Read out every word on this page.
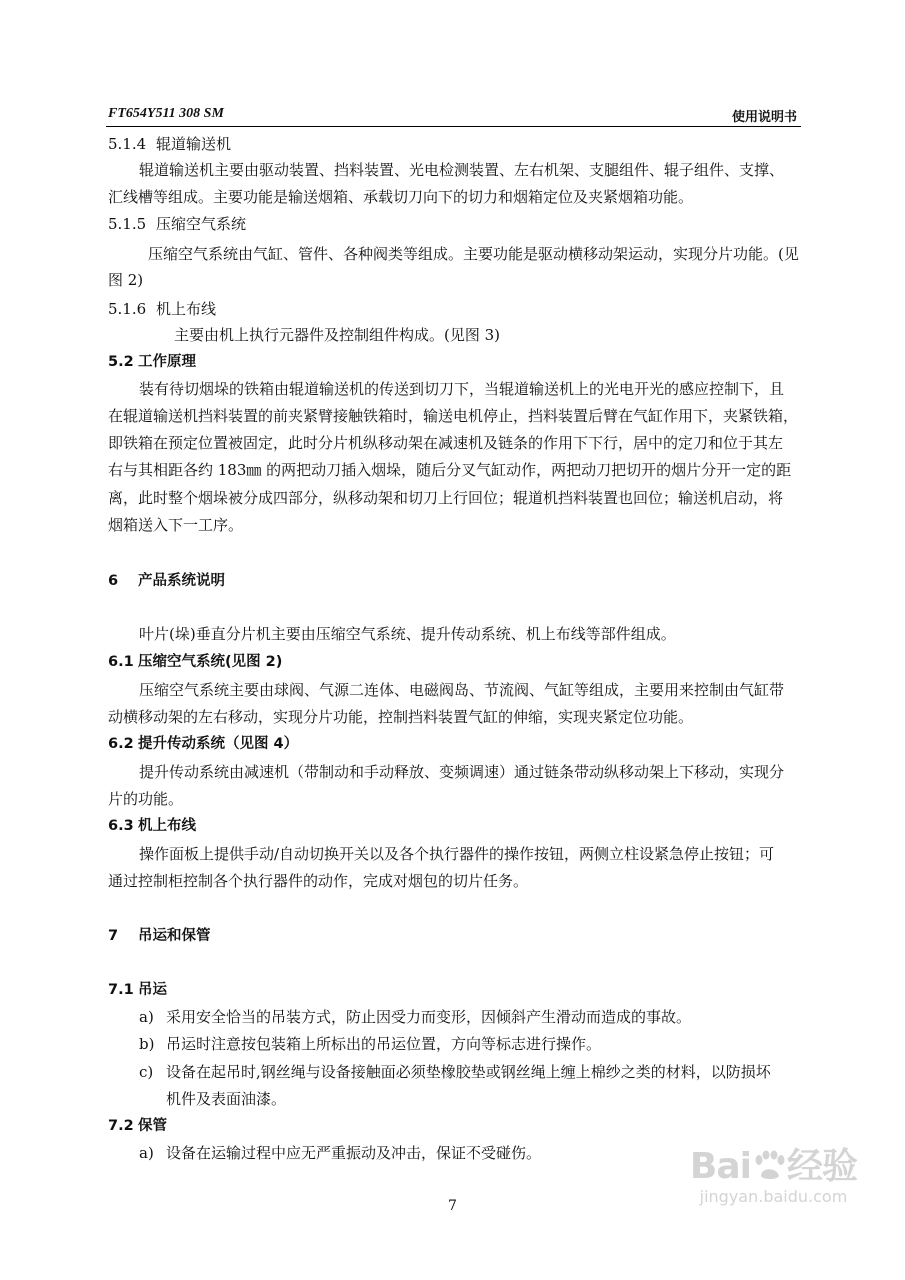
FT654Y511 308 SM	使用说明书
5.1.4 辊道输送机
辊道输送机主要由驱动装置、挡料装置、光电检测装置、左右机架、支腿组件、辊子组件、支撑、
汇线槽等组成。主要功能是输送烟箱、承载切刀向下的切力和烟箱定位及夹紧烟箱功能。
5.1.5 压缩空气系统
压缩空气系统由气缸、管件、各种阀类等组成。主要功能是驱动横移动架运动，实现分片功能。(见
图 2)
5.1.6 机上布线
主要由机上执行元器件及控制组件构成。(见图 3)
5.2 工作原理
装有待切烟垛的铁箱由辊道输送机的传送到切刀下，当辊道输送机上的光电开光的感应控制下，且
在辊道输送机挡料装置的前夹紧臂接触铁箱时，输送电机停止，挡料装置后臂在气缸作用下，夹紧铁箱，
即铁箱在预定位置被固定，此时分片机纵移动架在减速机及链条的作用下下行，居中的定刀和位于其左
右与其相距各约 183㎜ 的两把动刀插入烟垛，随后分叉气缸动作，两把动刀把切开的烟片分开一定的距
离，此时整个烟垛被分成四部分，纵移动架和切刀上行回位；辊道机挡料装置也回位；输送机启动，将
烟箱送入下一工序。
6 产品系统说明
叶片(垛)垂直分片机主要由压缩空气系统、提升传动系统、机上布线等部件组成。
6.1 压缩空气系统(见图 2)
压缩空气系统主要由球阀、气源二连体、电磁阀岛、节流阀、气缸等组成，主要用来控制由气缸带
动横移动架的左右移动，实现分片功能，控制挡料装置气缸的伸缩，实现夹紧定位功能。
6.2 提升传动系统（见图 4）
提升传动系统由减速机（带制动和手动释放、变频调速）通过链条带动纵移动架上下移动，实现分
片的功能。
6.3 机上布线
操作面板上提供手动/自动切换开关以及各个执行器件的操作按钮，两侧立柱设紧急停止按钮；可
通过控制柜控制各个执行器件的动作，完成对烟包的切片任务。
7 吊运和保管
7.1 吊运
a) 采用安全恰当的吊装方式，防止因受力而变形，因倾斜产生滑动而造成的事故。
b) 吊运时注意按包装箱上所标出的吊运位置，方向等标志进行操作。
c) 设备在起吊时,钢丝绳与设备接触面必须垫橡胶垫或钢丝绳上缠上棉纱之类的材料，以防损坏
机件及表面油漆。
7.2 保管
a) 设备在运输过程中应无严重振动及冲击，保证不受碰伤。
7
Bai 经验
jingyan.baidu.com
